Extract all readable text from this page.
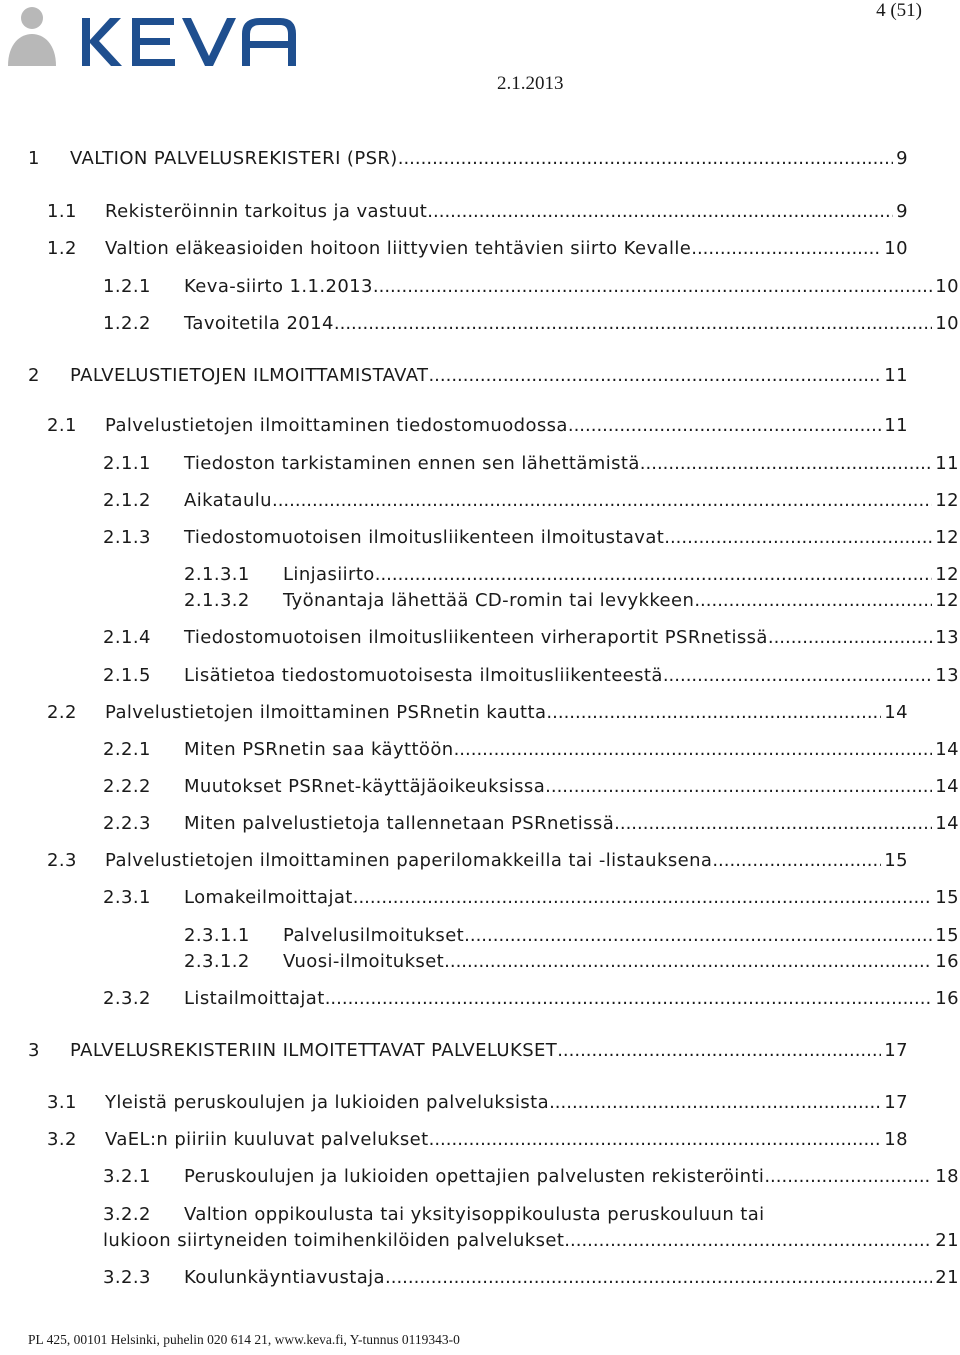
4 (51)
2.1.2013
1	VALTION PALVELUSREKISTERI (PSR) .....	9
1.1	Rekisteröinnin tarkoitus ja vastuut .....	9
1.2	Valtion eläkeasioiden hoitoon liittyvien tehtävien siirto Kevalle .....	10
1.2.1	Keva-siirto 1.1.2013 .....	10
1.2.2	Tavoitetila 2014 .....	10
2	PALVELUSTIETOJEN ILMOITTAMISTAVAT .....	11
2.1	Palvelustietojen ilmoittaminen tiedostomuodossa .....	11
2.1.1	Tiedoston tarkistaminen ennen sen lähettämistä .....	11
2.1.2	Aikataulu .....	12
2.1.3	Tiedostomuotoisen ilmoitusliikenteen ilmoitustavat .....	12
2.1.3.1	Linjasiirto .....	12
2.1.3.2	Työnantaja lähettää CD-romin tai levykkeen .....	12
2.1.4	Tiedostomuotoisen ilmoitusliikenteen virheraportit PSRnetissä .....	13
2.1.5	Lisätietoa tiedostomuotoisesta ilmoitusliikenteestä .....	13
2.2	Palvelustietojen ilmoittaminen PSRnetin kautta .....	14
2.2.1	Miten PSRnetin saa käyttöön .....	14
2.2.2	Muutokset PSRnet-käyttäjäoikeuksissa .....	14
2.2.3	Miten palvelustietoja tallennetaan PSRnetissä .....	14
2.3	Palvelustietojen ilmoittaminen paperilomakkeilla tai -listauksena .....	15
2.3.1	Lomakeilmoittajat .....	15
2.3.1.1	Palvelusilmoitukset .....	15
2.3.1.2	Vuosi-ilmoitukset .....	16
2.3.2	Listailmoittajat .....	16
3	PALVELUSREKISTERIIN ILMOITETTAVAT PALVELUKSET .....	17
3.1	Yleistä peruskoulujen ja lukioiden palveluksista .....	17
3.2	VaEL:n piiriin kuuluvat palvelukset .....	18
3.2.1	Peruskoulujen ja lukioiden opettajien palvelusten rekisteröinti .....	18
3.2.2 Valtion oppikoulusta tai yksityisoppikoulusta peruskouluun tai
lukioon siirtyneiden toimihenkilöiden palvelukset .....	21
3.2.3	Koulunkäyntiavustaja .....	21
PL 425, 00101 Helsinki, puhelin 020 614 21, www.keva.fi, Y-tunnus 0119343-0
